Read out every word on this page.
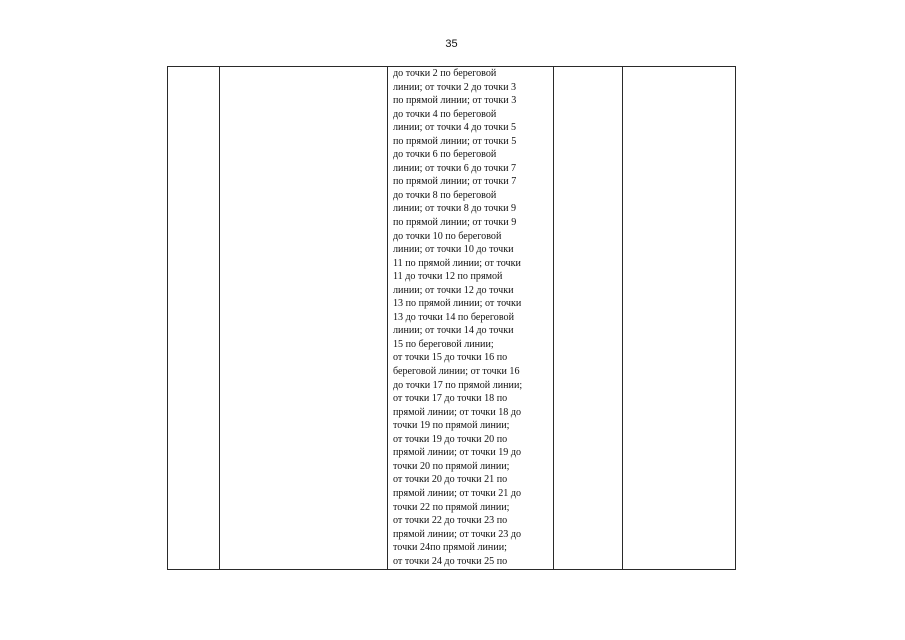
35
до точки 2 по береговой
линии; от точки 2 до точки 3
по прямой линии; от точки 3
до точки 4 по береговой
линии; от точки 4 до точки 5
по прямой линии; от точки 5
до точки 6 по береговой
линии; от точки 6 до точки 7
по прямой линии; от точки 7
до точки 8 по береговой
линии; от точки 8 до точки 9
по прямой линии; от точки 9
до точки 10 по береговой
линии; от точки 10 до точки
11 по прямой линии; от точки
11 до точки 12 по прямой
линии; от точки 12 до точки
13 по прямой линии; от точки
13 до точки 14 по береговой
линии; от точки 14 до точки
15 по береговой линии;
от точки 15 до точки 16 по
береговой линии; от точки 16
до точки 17 по прямой линии;
от точки 17 до точки 18 по
прямой линии; от точки 18 до
точки 19 по прямой линии;
от точки 19 до точки 20 по
прямой линии; от точки 19 до
точки 20 по прямой линии;
от точки 20 до точки 21 по
прямой линии; от точки 21 до
точки 22 по прямой линии;
от точки 22 до точки 23 по
прямой линии; от точки 23 до
точки 24по прямой линии;
от точки 24 до точки 25 по
